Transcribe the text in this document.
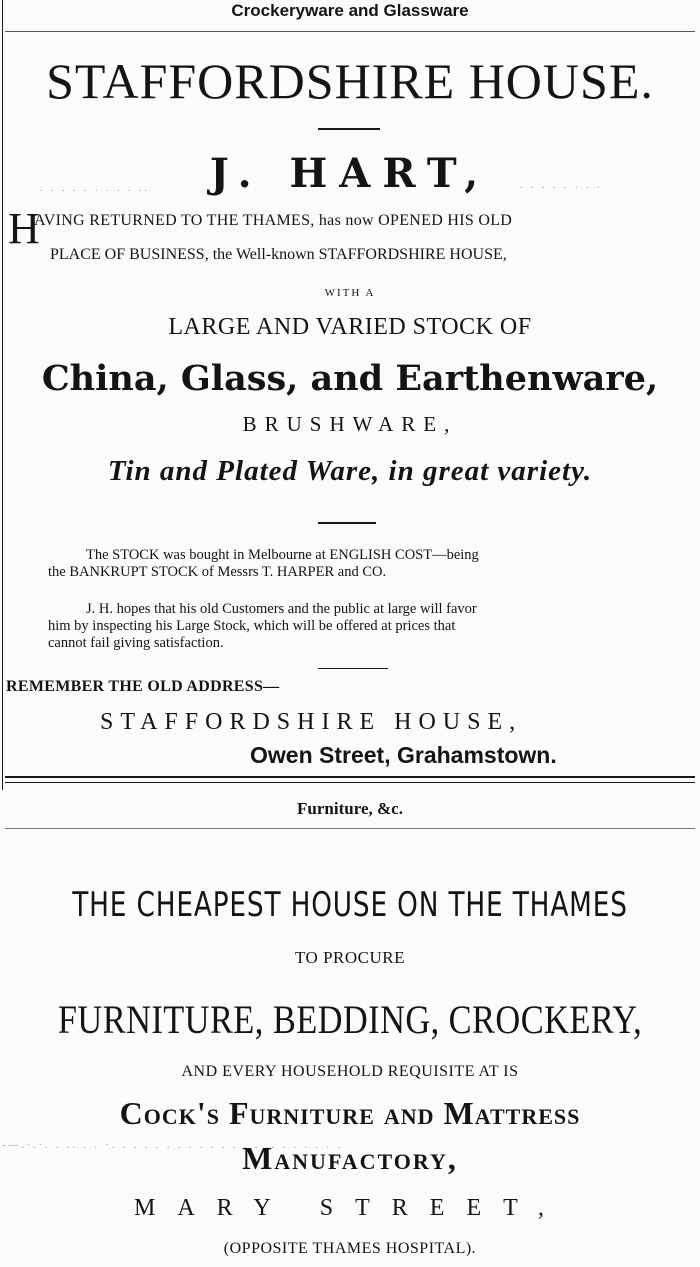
Crockeryware and Glassware
STAFFORDSHIRE HOUSE.
J. HART,
. . . . . . . . . ..	. . . . . . . .
H
AVING RETURNED TO THE THAMES, has now OPENED HIS OLD
PLACE OF BUSINESS, the Well-known STAFFORDSHIRE HOUSE,
WITH A
LARGE AND VARIED STOCK OF
China, Glass, and Earthenware,
BRUSHWARE,
Tin and Plated Ware, in great variety.
The STOCK was bought in Melbourne at ENGLISH COST—being
the BANKRUPT STOCK of Messrs T. HARPER and CO.
J. H. hopes that his old Customers and the public at large will favor
him by inspecting his Large Stock, which will be offered at prices that
cannot fail giving satisfaction.
REMEMBER THE OLD ADDRESS—
STAFFORDSHIRE HOUSE,
Owen Street, Grahamstown.
Furniture, &c.
THE CHEAPEST HOUSE ON THE THAMES
TO PROCURE
FURNITURE, BEDDING, CROCKERY,
AND EVERY HOUSEHOLD REQUISITE AT IS
Cock's Furniture and Mattress
-—.·.·. . .. . . ·. . . . . . . . . . . . . . .. . . . . . .
Manufactory,
MARY STREET,
(OPPOSITE THAMES HOSPITAL).
